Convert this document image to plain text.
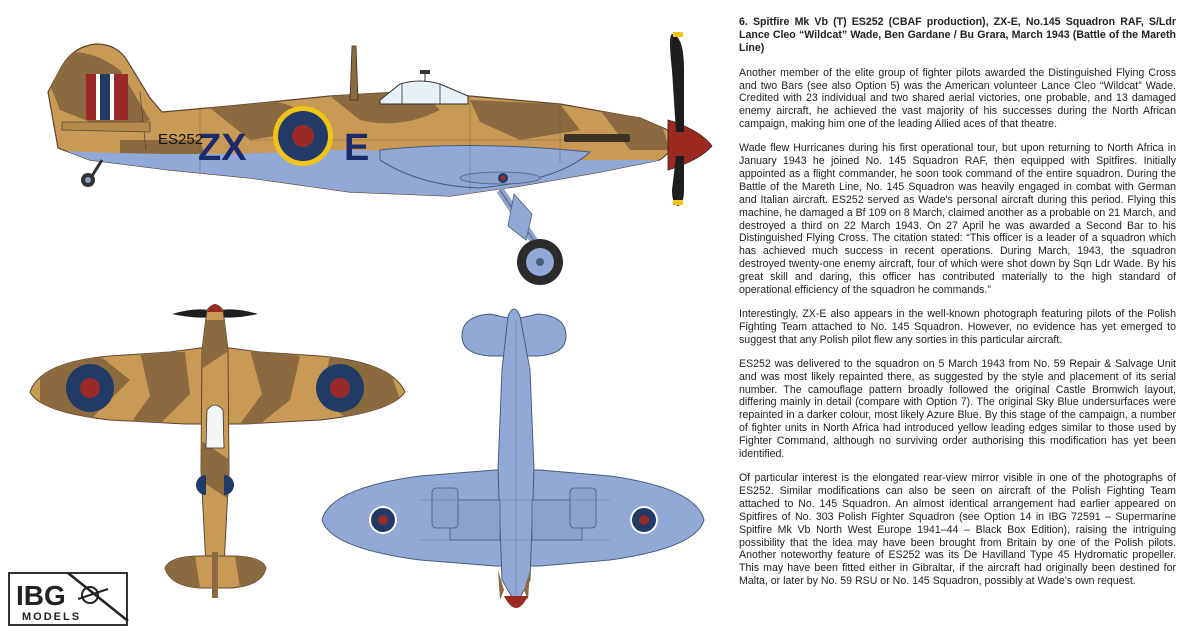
ZX	E
ES252
IBG
MODELS

6. Spitfire Mk Vb (T) ES252 (CBAF production), ZX-E, No.145 Squadron RAF, S/Ldr Lance Cleo “Wildcat” Wade, Ben Gardane / Bu Grara, March 1943 (Battle of the Mareth Line)

Another member of the elite group of fighter pilots awarded the Distinguished Flying Cross and two Bars (see also Option 5) was the American volunteer Lance Cleo “Wildcat” Wade. Credited with 23 individual and two shared aerial victories, one probable, and 13 damaged enemy aircraft, he achieved the vast majority of his successes during the North African campaign, making him one of the leading Allied aces of that theatre.

Wade flew Hurricanes during his first operational tour, but upon returning to North Africa in January 1943 he joined No. 145 Squadron RAF, then equipped with Spitfires. Initially appointed as a flight commander, he soon took command of the entire squadron. During the Battle of the Mareth Line, No. 145 Squadron was heavily engaged in combat with German and Italian aircraft. ES252 served as Wade's personal aircraft during this period. Flying this machine, he damaged a Bf 109 on 8 March, claimed another as a probable on 21 March, and destroyed a third on 22 March 1943. On 27 April he was awarded a Second Bar to his Distinguished Flying Cross. The citation stated: “This officer is a leader of a squadron which has achieved much success in recent operations. During March, 1943, the squadron destroyed twenty-one enemy aircraft, four of which were shot down by Sqn Ldr Wade. By his great skill and daring, this officer has contributed materially to the high standard of operational efficiency of the squadron he commands.”

Interestingly, ZX-E also appears in the well-known photograph featuring pilots of the Polish Fighting Team attached to No. 145 Squadron. However, no evidence has yet emerged to suggest that any Polish pilot flew any sorties in this particular aircraft.

ES252 was delivered to the squadron on 5 March 1943 from No. 59 Repair & Salvage Unit and was most likely repainted there, as suggested by the style and placement of its serial number. The camouflage pattern broadly followed the original Castle Bromwich layout, differing mainly in detail (compare with Option 7). The original Sky Blue undersurfaces were repainted in a darker colour, most likely Azure Blue. By this stage of the campaign, a number of fighter units in North Africa had introduced yellow leading edges similar to those used by Fighter Command, although no surviving order authorising this modification has yet been identified.

Of particular interest is the elongated rear-view mirror visible in one of the photographs of ES252. Similar modifications can also be seen on aircraft of the Polish Fighting Team attached to No. 145 Squadron. An almost identical arrangement had earlier appeared on Spitfires of No. 303 Polish Fighter Squadron (see Option 14 in IBG 72591 – Supermarine Spitfire Mk Vb North West Europe 1941–44 – Black Box Edition), raising the intriguing possibility that the idea may have been brought from Britain by one of the Polish pilots. Another noteworthy feature of ES252 was its De Havilland Type 45 Hydromatic propeller. This may have been fitted either in Gibraltar, if the aircraft had originally been destined for Malta, or later by No. 59 RSU or No. 145 Squadron, possibly at Wade's own request.
